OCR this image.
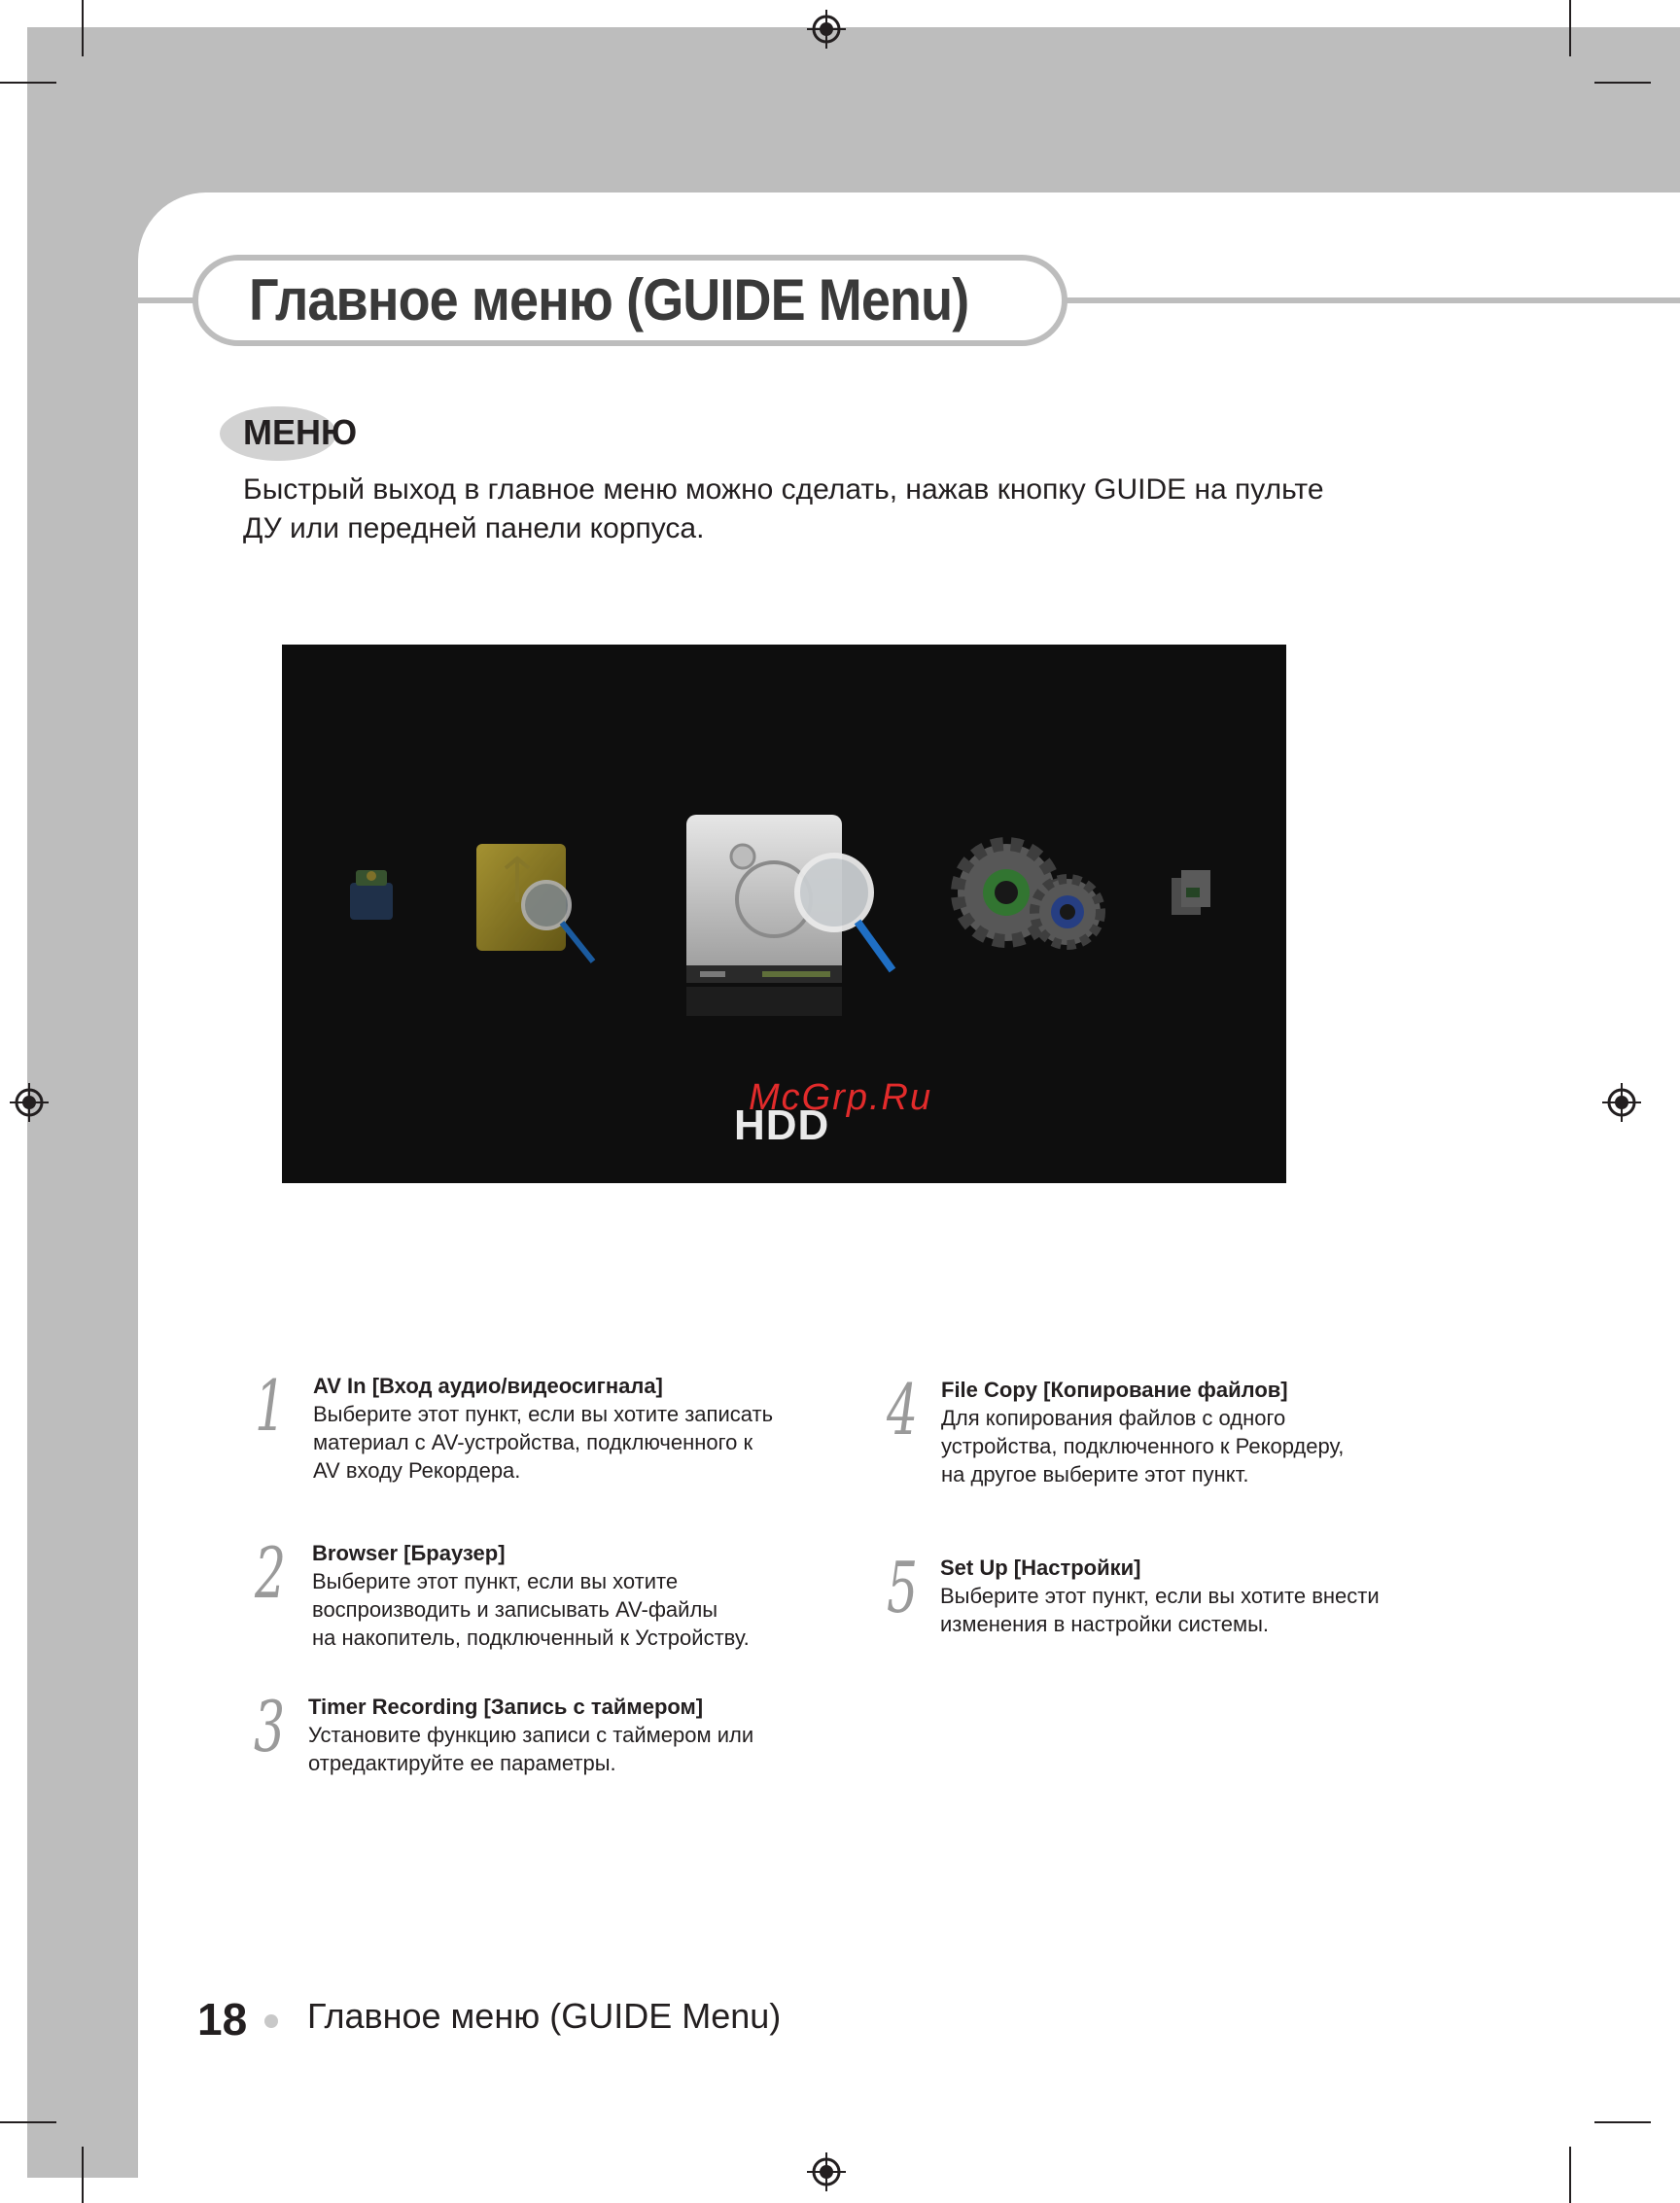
Главное меню (GUIDE Menu)
МЕНЮ
Быстрый выход в главное меню можно сделать, нажав кнопку GUIDE на пульте ДУ или передней панели корпуса.
HDD
McGrp.Ru
1 AV In [Вход аудио/видеосигнала]
Выберите этот пункт, если вы хотите записать
материал с AV-устройства, подключенного к
AV входу Рекордера.
2 Browser [Браузер]
Выберите этот пункт, если вы хотите
воспроизводить и записывать AV-файлы
на накопитель, подключенный к Устройству.
3 Timer Recording [Запись с таймером]
Установите функцию записи с таймером или
отредактируйте ее параметры.
4 File Copy [Копирование файлов]
Для копирования файлов с одного
устройства, подключенного к Рекордеру,
на другое выберите этот пункт.
5 Set Up [Настройки]
Выберите этот пункт, если вы хотите внести
изменения в настройки системы.
18 Главное меню (GUIDE Menu)
